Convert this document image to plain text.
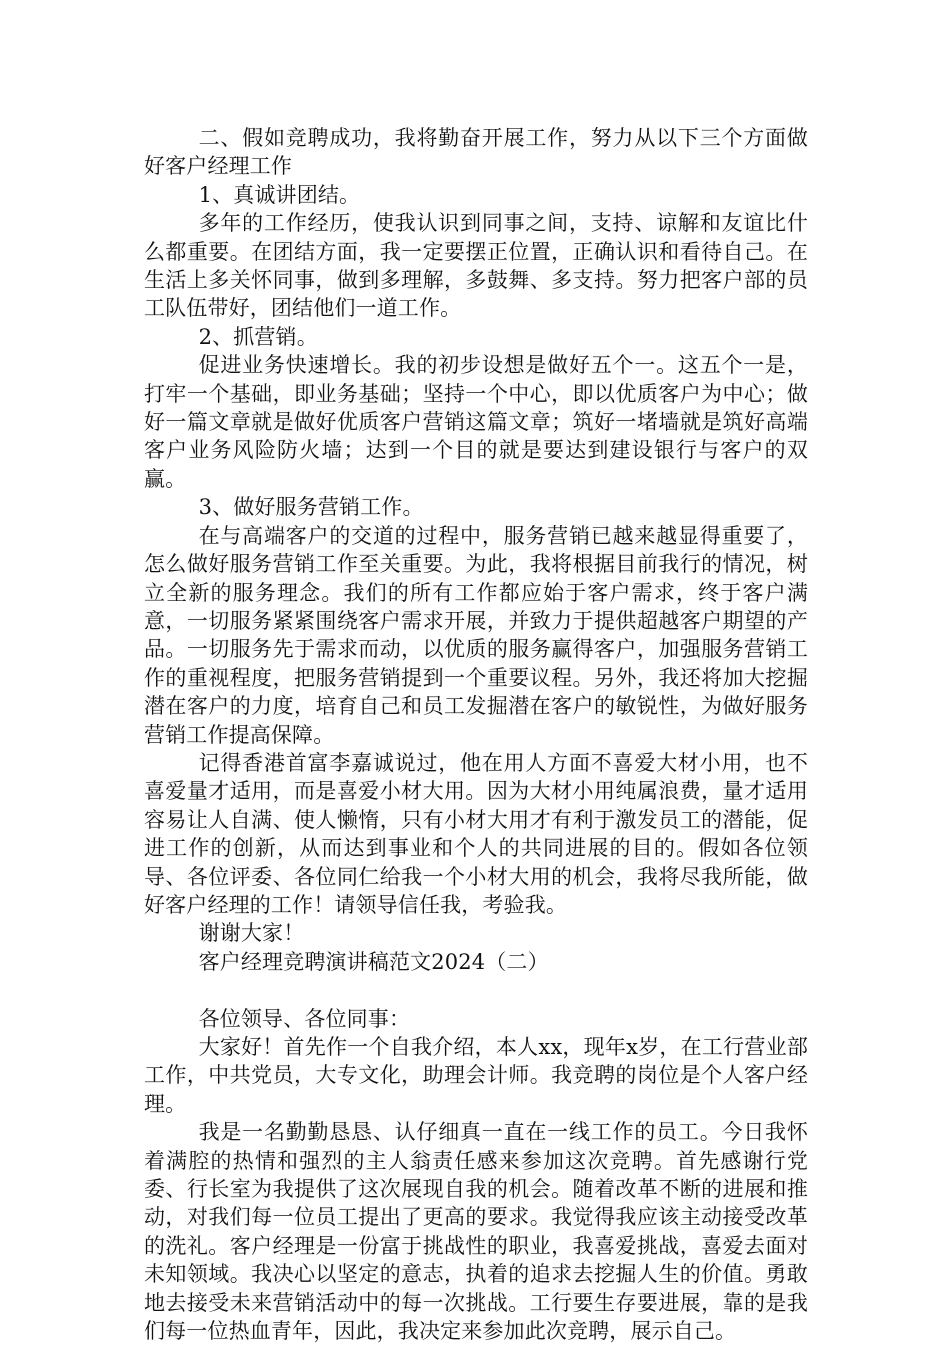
二、假如竞聘成功，我将勤奋开展工作，努力从以下三个方面做好客户经理工作

1、真诚讲团结。

多年的工作经历，使我认识到同事之间，支持、谅解和友谊比什么都重要。在团结方面，我一定要摆正位置，正确认识和看待自己。在生活上多关怀同事，做到多理解，多鼓舞、多支持。努力把客户部的员工队伍带好，团结他们一道工作。

2、抓营销。

促进业务快速增长。我的初步设想是做好五个一。这五个一是，打牢一个基础，即业务基础；坚持一个中心，即以优质客户为中心；做好一篇文章就是做好优质客户营销这篇文章；筑好一堵墙就是筑好高端客户业务风险防火墙；达到一个目的就是要达到建设银行与客户的双赢。

3、做好服务营销工作。

在与高端客户的交道的过程中，服务营销已越来越显得重要了，怎么做好服务营销工作至关重要。为此，我将根据目前我行的情况，树立全新的服务理念。我们的所有工作都应始于客户需求，终于客户满意，一切服务紧紧围绕客户需求开展，并致力于提供超越客户期望的产品。一切服务先于需求而动，以优质的服务赢得客户，加强服务营销工作的重视程度，把服务营销提到一个重要议程。另外，我还将加大挖掘潜在客户的力度，培育自己和员工发掘潜在客户的敏锐性，为做好服务营销工作提高保障。

记得香港首富李嘉诚说过，他在用人方面不喜爱大材小用，也不喜爱量才适用，而是喜爱小材大用。因为大材小用纯属浪费，量才适用容易让人自满、使人懒惰，只有小材大用才有利于激发员工的潜能，促进工作的创新，从而达到事业和个人的共同进展的目的。假如各位领导、各位评委、各位同仁给我一个小材大用的机会，我将尽我所能，做好客户经理的工作！请领导信任我，考验我。

谢谢大家！

客户经理竞聘演讲稿范文2024（二）

各位领导、各位同事：

大家好！首先作一个自我介绍，本人xx，现年x岁，在工行营业部工作，中共党员，大专文化，助理会计师。我竞聘的岗位是个人客户经理。

我是一名勤勤恳恳、认仔细真一直在一线工作的员工。今日我怀着满腔的热情和强烈的主人翁责任感来参加这次竞聘。首先感谢行党委、行长室为我提供了这次展现自我的机会。随着改革不断的进展和推动，对我们每一位员工提出了更高的要求。我觉得我应该主动接受改革的洗礼。客户经理是一份富于挑战性的职业，我喜爱挑战，喜爱去面对未知领域。我决心以坚定的意志，执着的追求去挖掘人生的价值。勇敢地去接受未来营销活动中的每一次挑战。工行要生存要进展，靠的是我们每一位热血青年，因此，我决定来参加此次竞聘，展示自己。
